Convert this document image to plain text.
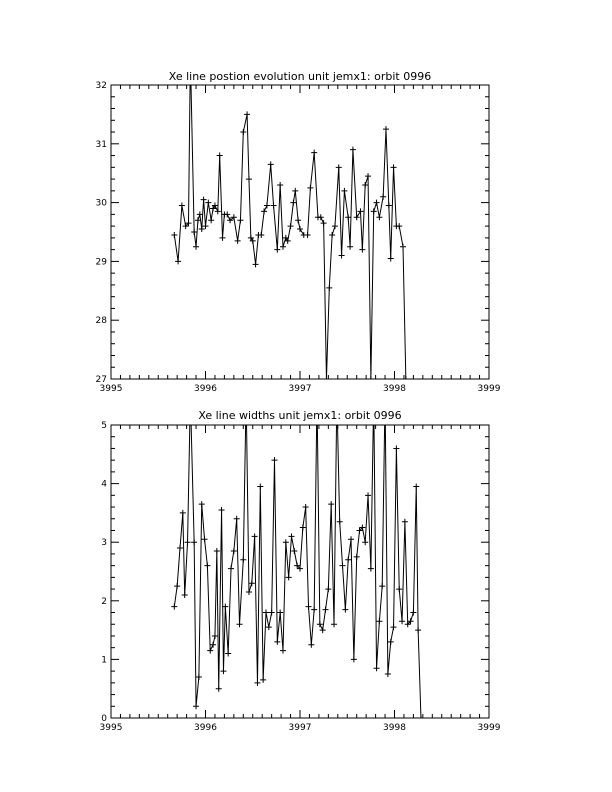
Xe line postion evolution unit jemx1: orbit 0996
3995	3996	3997	3998	3999
27
28
29
30
31
32
Xe line widths unit jemx1: orbit 0996
3995	3996	3997	3998	3999
0
1
2
3
4
5
